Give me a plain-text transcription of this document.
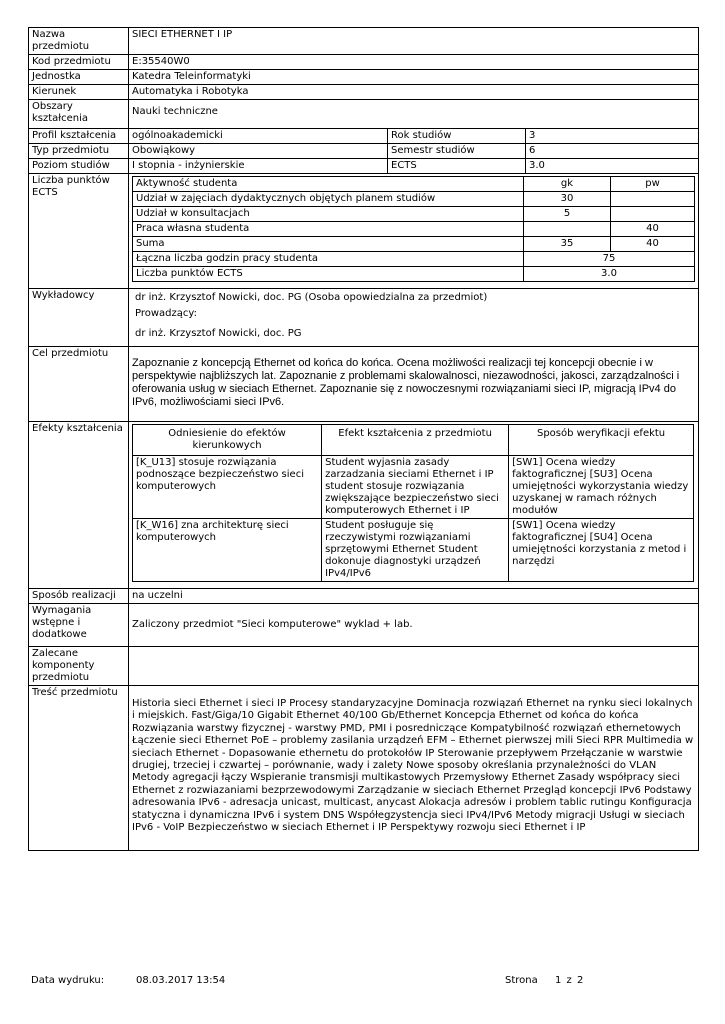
Nazwa przedmiotu	SIECI ETHERNET I IP
Kod przedmiotu	E:35540W0
Jednostka	Katedra Teleinformatyki
Kierunek	Automatyka i Robotyka
Obszary kształcenia	Nauki techniczne
Profil kształcenia	ogólnoakademicki	Rok studiów	3
Typ przedmiotu	Obowiąkowy	Semestr studiów	6
Poziom studiów	I stopnia - inżynierskie	ECTS	3.0
Liczba punktów ECTS	
Aktywność studenta	gk	pw
Udział w zajęciach dydaktycznych objętych planem studiów	30	
Udział w konsultacjach	5	
Praca własna studenta		40
Suma	35	40
Łączna liczba godzin pracy studenta	75
Liczba punktów ECTS	3.0

Wykładowcy	dr inż. Krzysztof Nowicki, doc. PG (Osoba opowiedzialna za przedmiot)
Prowadzący:
dr inż. Krzysztof Nowicki, doc. PG

Cel przedmiotu	
Zapoznanie z koncepcją Ethernet od końca do końca. Ocena możliwości realizacji tej koncepcji obecnie i w perspektywie najbliższych lat. Zapoznanie z problemami skalowalnosci, niezawodności, jakosci, zarządzalności i oferowania usług w sieciach Ethernet. Zapoznanie się z nowoczesnymi rozwiązaniami sieci IP, migracją IPv4 do IPv6, możliwościami sieci IPv6.

Efekty kształcenia		Odniesienie do efektów kierunkowych	Efekt kształcenia z przedmiotu	Sposób weryfikacji efektu
[K_U13] stosuje rozwiązania podnoszące bezpieczeństwo sieci komputerowych	Student wyjasnia zasady zarzadzania sieciami Ethernet i IP student stosuje rozwiązania zwiększające bezpieczeństwo sieci komputerowych Ethernet i IP	[SW1] Ocena wiedzy faktograficznej [SU3] Ocena umiejętności wykorzystania wiedzy uzyskanej w ramach różnych modułów
[K_W16] zna architekturę sieci komputerowych	Student posługuje się rzeczywistymi rozwiązaniami sprzętowymi Ethernet Student dokonuje diagnostyki urządzeń IPv4/IPv6	[SW1] Ocena wiedzy faktograficznej [SU4] Ocena umiejętności korzystania z metod i narzędzi

Sposób realizacji	na uczelni
Wymagania wstępne i dodatkowe	Zaliczony przedmiot "Sieci komputerowe" wyklad + lab.
Zalecane komponenty przedmiotu	
Treść przedmiotu	
Historia sieci Ethernet i sieci IP Procesy standaryzacyjne Dominacja rozwiązań Ethernet na rynku sieci lokalnych i miejskich. Fast/Giga/10 Gigabit Ethernet 40/100 Gb/Ethernet Koncepcja Ethernet od końca do końca Rozwiązania warstwy fizycznej - warstwy PMD, PMI i posredniczące Kompatybilność rozwiązań ethernetowych Łączenie sieci Ethernet PoE – problemy zasilania urządzeń EFM – Ethernet pierwszej mili Sieci RPR Multimedia w sieciach Ethernet - Dopasowanie ethernetu do protokołów IP Sterowanie przepływem Przełączanie w warstwie drugiej, trzeciej i czwartej – porównanie, wady i zalety Nowe sposoby określania przynależności do VLAN Metody agregacji łączy Wspieranie transmisji multikastowych Przemysłowy Ethernet Zasady współpracy sieci Ethernet z rozwiazaniami bezprzewodowymi Zarządzanie w sieciach Ethernet Przegląd koncepcji IPv6 Podstawy adresowania IPv6 - adresacja unicast, multicast, anycast Alokacja adresów i problem tablic rutingu Konfiguracja statyczna i dynamiczna IPv6 i system DNS Współegzystencja sieci IPv4/IPv6 Metody migracji Usługi w sieciach IPv6 - VoIP Bezpieczeństwo w sieciach Ethernet i IP Perspektywy rozwoju sieci Ethernet i IP
Data wydruku:	08.03.2017 13:54	Strona 1 z 2
